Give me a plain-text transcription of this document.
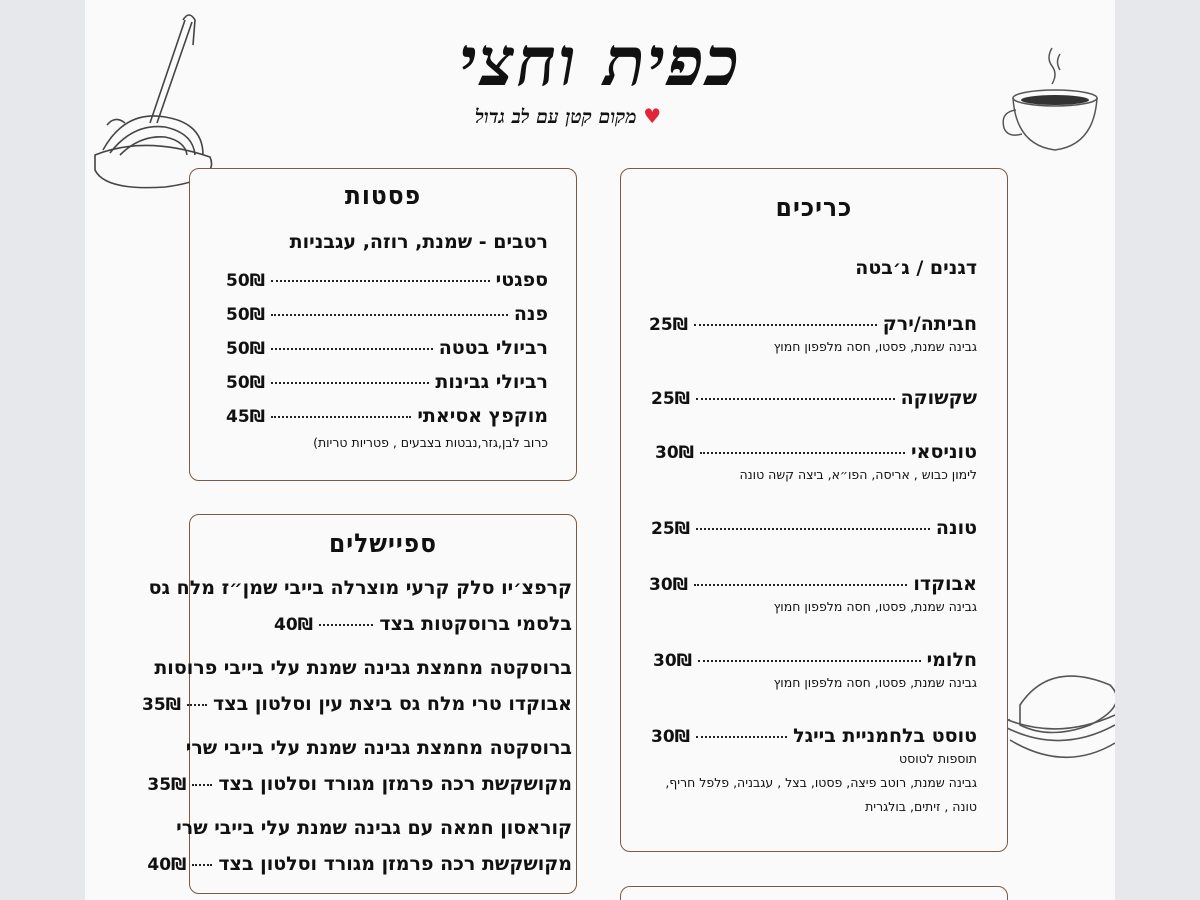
כפית וחצי
♥ מקום קטן עם לב גדול
פסטות
רטבים - שמנת, רוזה, עגבניות
ספגטי
50₪
פנה
50₪
רביולי בטטה
50₪
רביולי גבינות
50₪
מוקפץ אסיאתי
45₪
כרוב לבן,גזר,נבטות בצבעים , פטריות טריות)
ספיישלים
קרפצ׳יו סלק קרעי מוצרלה בייבי שמן״ז מלח גס
בלסמי ברוסקטות בצד
40₪
ברוסקטה מחמצת גבינה שמנת עלי בייבי פרוסות
אבוקדו טרי מלח גס ביצת עין וסלטון בצד
35₪
ברוסקטה מחמצת גבינה שמנת עלי בייבי שרי
מקושקשת רכה פרמזן מגורד וסלטון בצד
35₪
קוראסון חמאה עם גבינה שמנת עלי בייבי שרי
מקושקשת רכה פרמזן מגורד וסלטון בצד
40₪
כריכים
דגנים / ג׳בטה
חביתה/ירק
25₪
גבינה שמנת, פסטו, חסה מלפפון חמוץ
שקשוקה
25₪
טוניסאי
30₪
לימון כבוש , אריסה, הפו״א, ביצה קשה טונה
טונה
25₪
אבוקדו
30₪
גבינה שמנת, פסטו, חסה מלפפון חמוץ
חלומי
30₪
גבינה שמנת, פסטו, חסה מלפפון חמוץ
טוסט בלחמניית בייגל
30₪
תוספות לטוסט
גבינה שמנת, רוטב פיצה, פסטו, בצל , עגבניה, פלפל חריף,
טונה , זיתים, בולגרית
